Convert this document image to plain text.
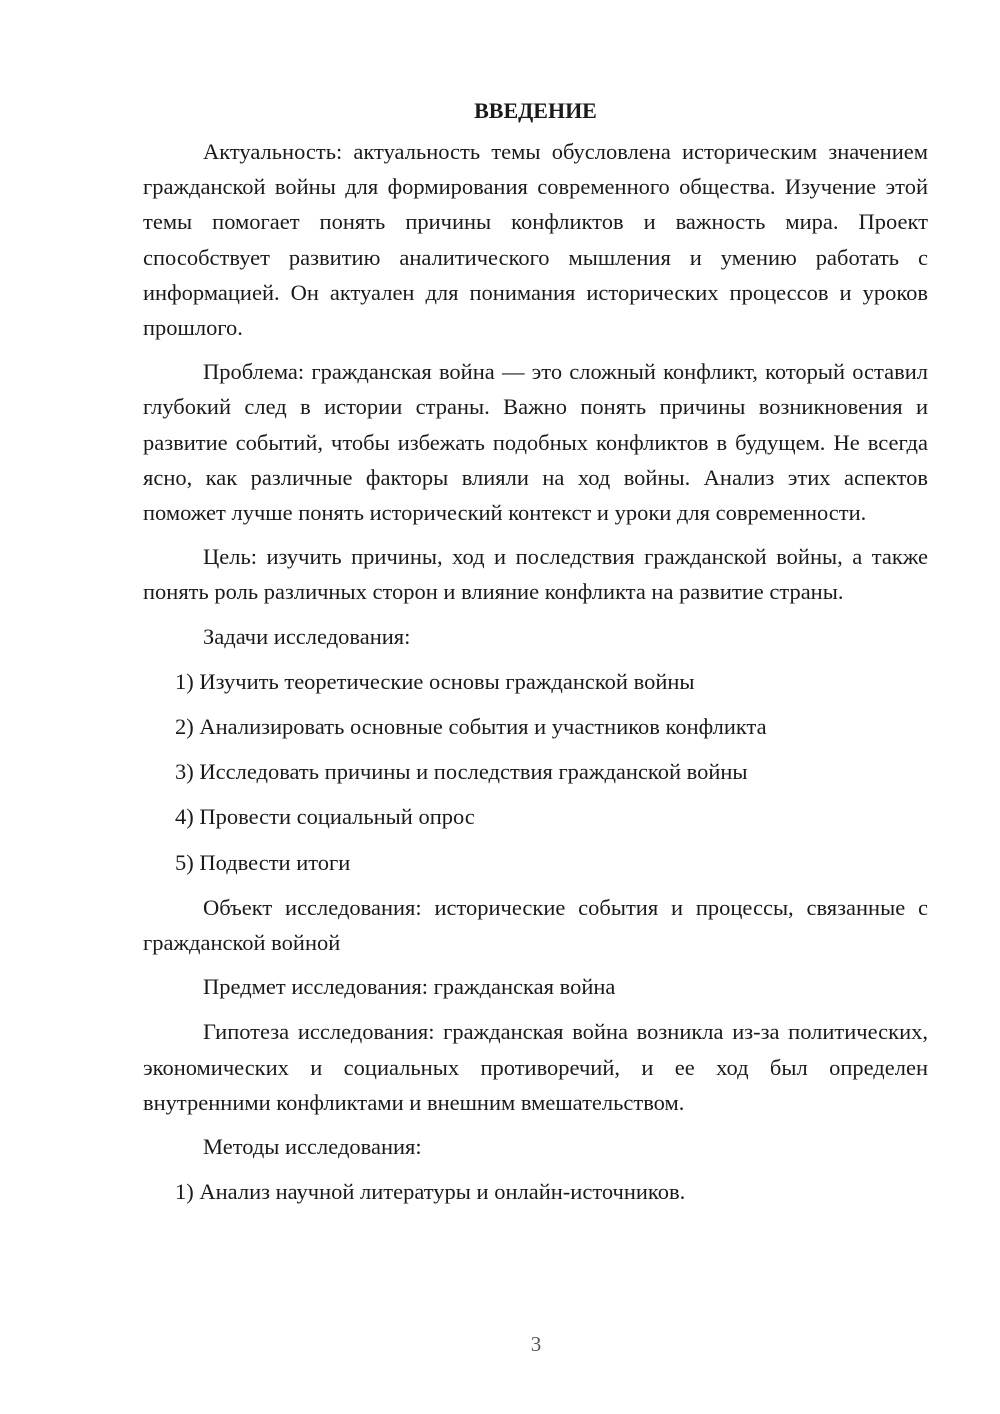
ВВЕДЕНИЕ

Актуальность: актуальность темы обусловлена историческим значением гражданской войны для формирования современного общества. Изучение этой темы помогает понять причины конфликтов и важность мира. Проект способствует развитию аналитического мышления и умению работать с информацией. Он актуален для понимания исторических процессов и уроков прошлого.

Проблема: гражданская война — это сложный конфликт, который оставил глубокий след в истории страны. Важно понять причины возникновения и развитие событий, чтобы избежать подобных конфликтов в будущем. Не всегда ясно, как различные факторы влияли на ход войны. Анализ этих аспектов поможет лучше понять исторический контекст и уроки для современности.

Цель: изучить причины, ход и последствия гражданской войны, а также понять роль различных сторон и влияние конфликта на развитие страны.

Задачи исследования:

1) Изучить теоретические основы гражданской войны

2) Анализировать основные события и участников конфликта

3) Исследовать причины и последствия гражданской войны

4) Провести социальный опрос

5) Подвести итоги

Объект исследования: исторические события и процессы, связанные с гражданской войной

Предмет исследования: гражданская война

Гипотеза исследования: гражданская война возникла из-за политических, экономических и социальных противоречий, и ее ход был определен внутренними конфликтами и внешним вмешательством.

Методы исследования:

1) Анализ научной литературы и онлайн-источников.

3
